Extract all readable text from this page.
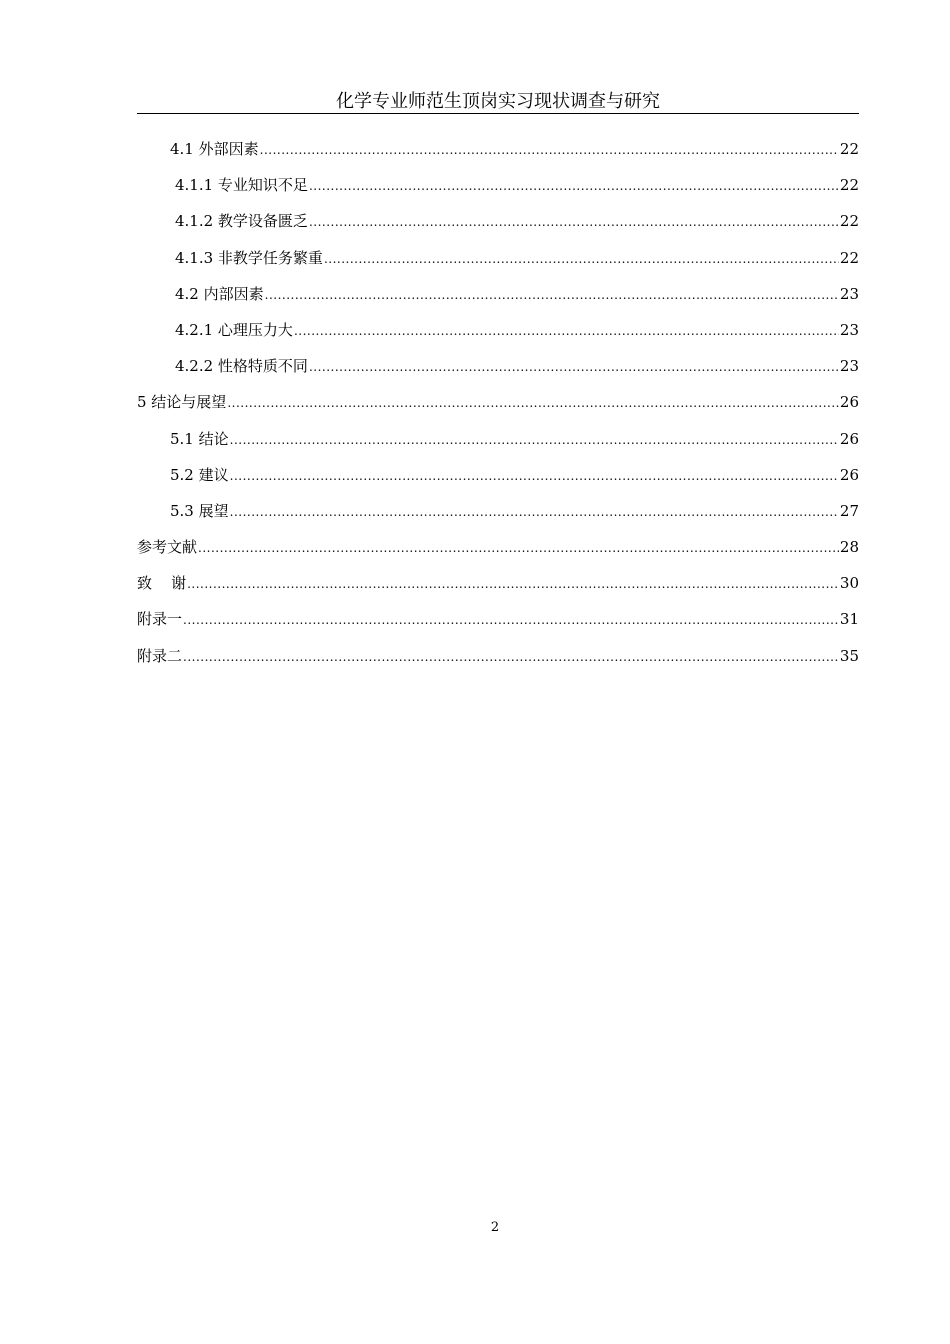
化学专业师范生顶岗实习现状调查与研究
4.1 外部因素 .....	22
4.1.1 专业知识不足 .....	22
4.1.2 教学设备匮乏 .....	22
4.1.3 非教学任务繁重 .....	22
4.2 内部因素 .....	23
4.2.1 心理压力大 .....	23
4.2.2 性格特质不同 .....	23
5 结论与展望 .....	26
5.1 结论 .....	26
5.2 建议 .....	26
5.3 展望 .....	27
参考文献 .....	28
致    谢 .....	30
附录一 .....	31
附录二 .....	35
2
